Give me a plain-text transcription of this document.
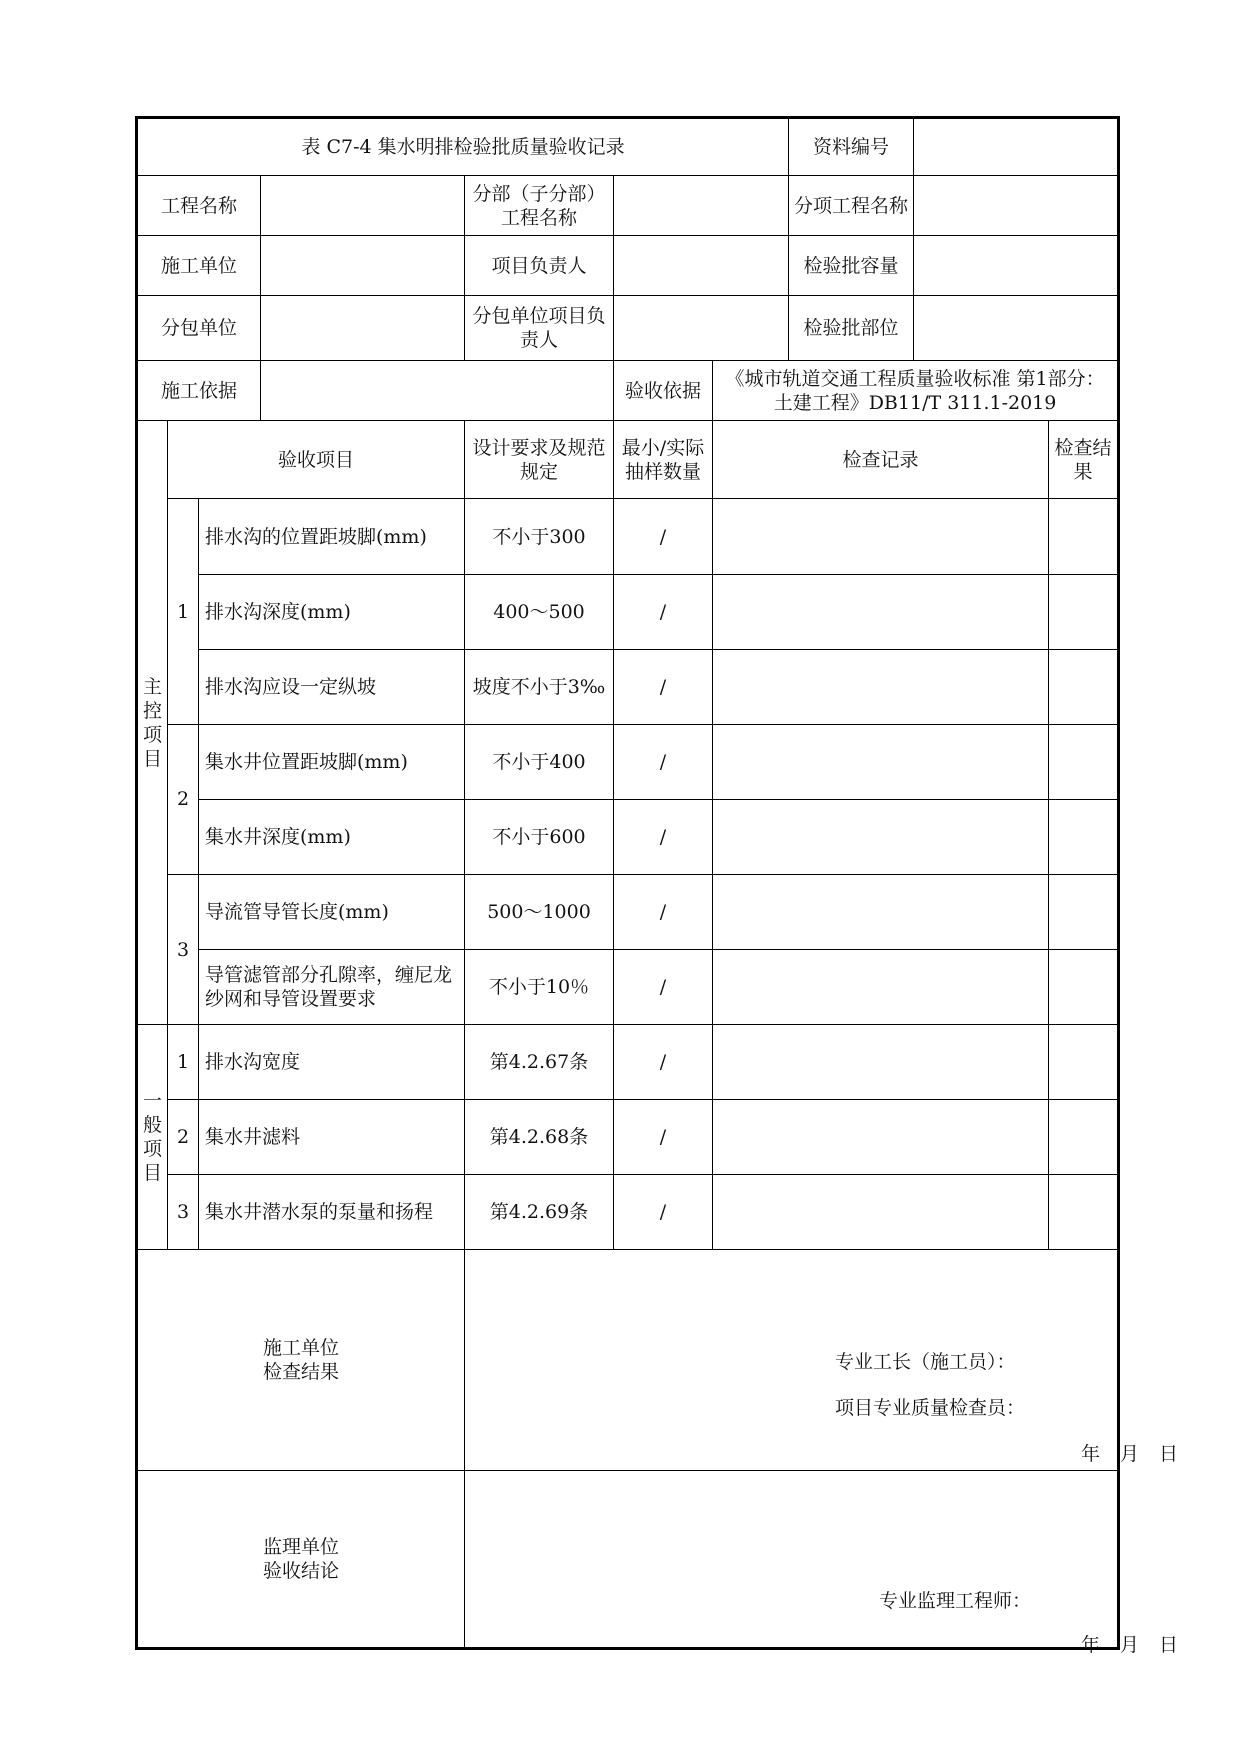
表 C7-4 集水明排检验批质量验收记录							资料编号		
工程名称				分部（子分部）工程名称			分项工程名称		
施工单位				项目负责人			检验批容量		
分包单位				分包单位项目负责人			检验批部位		
施工依据					验收依据	《城市轨道交通工程质量验收标准 第1部分：土建工程》DB11/T 311.1-2019			
主控项目	验收项目			设计要求及规范规定	最小/实际抽样数量	检查记录			检查结果
	1	排水沟的位置距坡脚(mm)		不小于300	/				
		排水沟深度(mm)		400～500	/				
		排水沟应设一定纵坡		坡度不小于3‰	/				
	2	集水井位置距坡脚(mm)		不小于400	/				
		集水井深度(mm)		不小于600	/				
	3	导流管导管长度(mm)		500～1000	/				
		导管滤管部分孔隙率，缠尼龙纱网和导管设置要求		不小于10％	/				
一般项目	1	排水沟宽度		第4.2.67条	/				
	2	集水井滤料		第4.2.68条	/				
	3	集水井潜水泵的泵量和扬程		第4.2.69条	/				
施工单位检查结果				专业工长（施工员）：
项目专业质量检查员：
年 月 日					

监理单位验收结论				专业监理工程师：
年 月 日					
